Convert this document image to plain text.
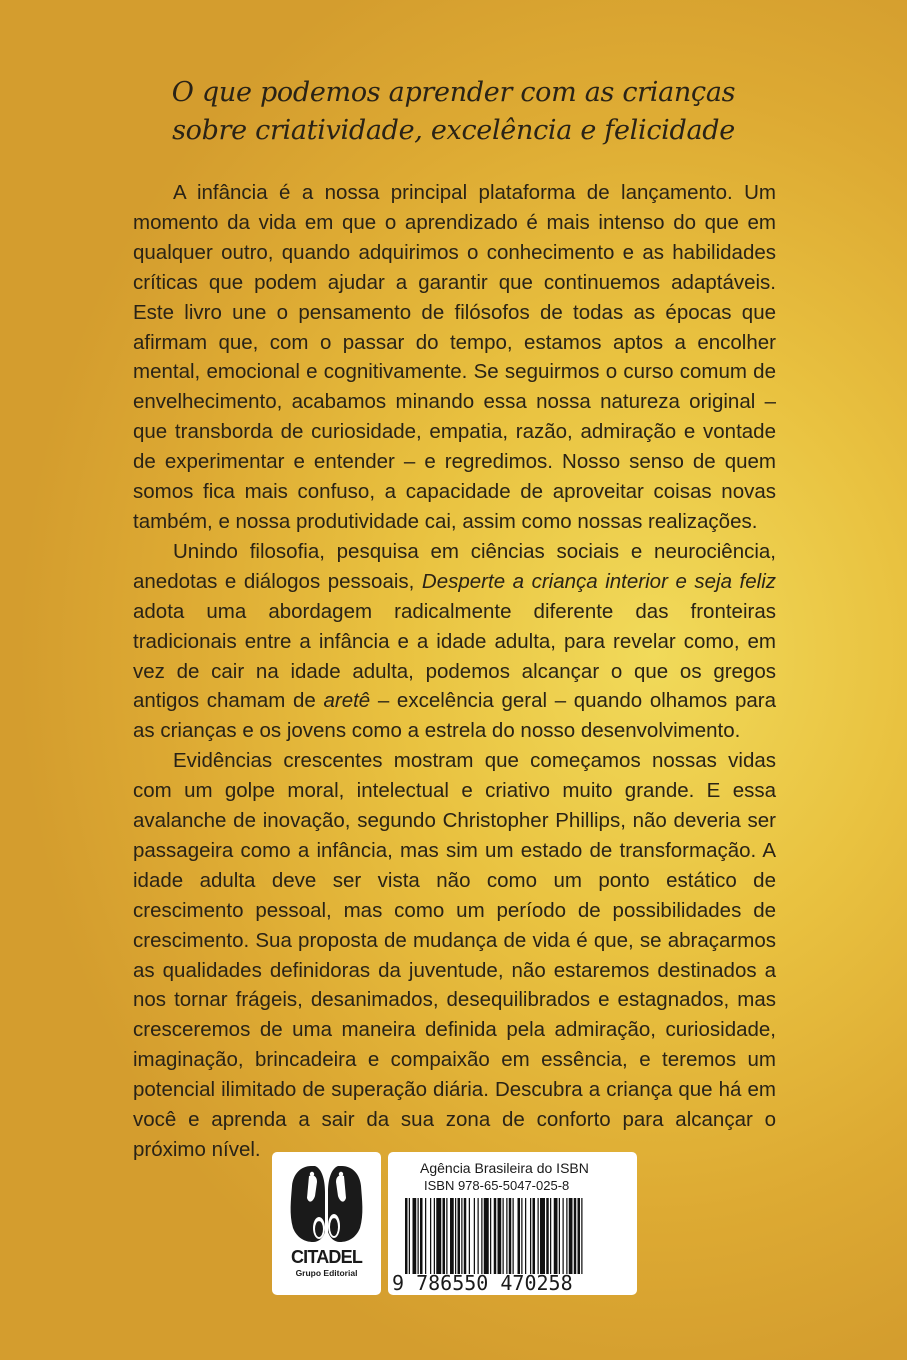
O que podemos aprender com as crianças
sobre criatividade, excelência e felicidade

A infância é a nossa principal plataforma de lançamento. Um momento da vida em que o aprendizado é mais intenso do que em qualquer outro, quando adquirimos o conhecimento e as habilidades críticas que podem ajudar a garantir que continuemos adaptáveis. Este livro une o pensamento de filósofos de todas as épocas que afirmam que, com o passar do tempo, estamos aptos a encolher mental, emocional e cognitivamente. Se seguirmos o curso comum de envelhecimento, acabamos minando essa nossa natureza original – que transborda de curiosidade, empatia, razão, admiração e vontade de experimentar e entender – e regredimos. Nosso senso de quem somos fica mais confuso, a capacidade de aproveitar coisas novas também, e nossa produtividade cai, assim como nossas realizações.

Unindo filosofia, pesquisa em ciências sociais e neurociência, anedotas e diálogos pessoais, Desperte a criança interior e seja feliz adota uma abordagem radicalmente diferente das fronteiras tradicionais entre a infância e a idade adulta, para revelar como, em vez de cair na idade adulta, podemos alcançar o que os gregos antigos chamam de aretê – excelência geral – quando olhamos para as crianças e os jovens como a estrela do nosso desenvolvimento.

Evidências crescentes mostram que começamos nossas vidas com um golpe moral, intelectual e criativo muito grande. E essa avalanche de inovação, segundo Christopher Phillips, não deveria ser passageira como a infância, mas sim um estado de transformação. A idade adulta deve ser vista não como um ponto estático de crescimento pessoal, mas como um período de possibilidades de crescimento. Sua proposta de mudança de vida é que, se abraçarmos as qualidades definidoras da juventude, não estaremos destinados a nos tornar frágeis, desanimados, desequilibrados e estagnados, mas cresceremos de uma maneira definida pela admiração, curiosidade, imaginação, brincadeira e compaixão em essência, e teremos um potencial ilimitado de superação diária. Descubra a criança que há em você e aprenda a sair da sua zona de conforto para alcançar o próximo nível.

CITADEL
Grupo Editorial
Agência Brasileira do ISBN
ISBN 978-65-5047-025-8
9 786550 470258
